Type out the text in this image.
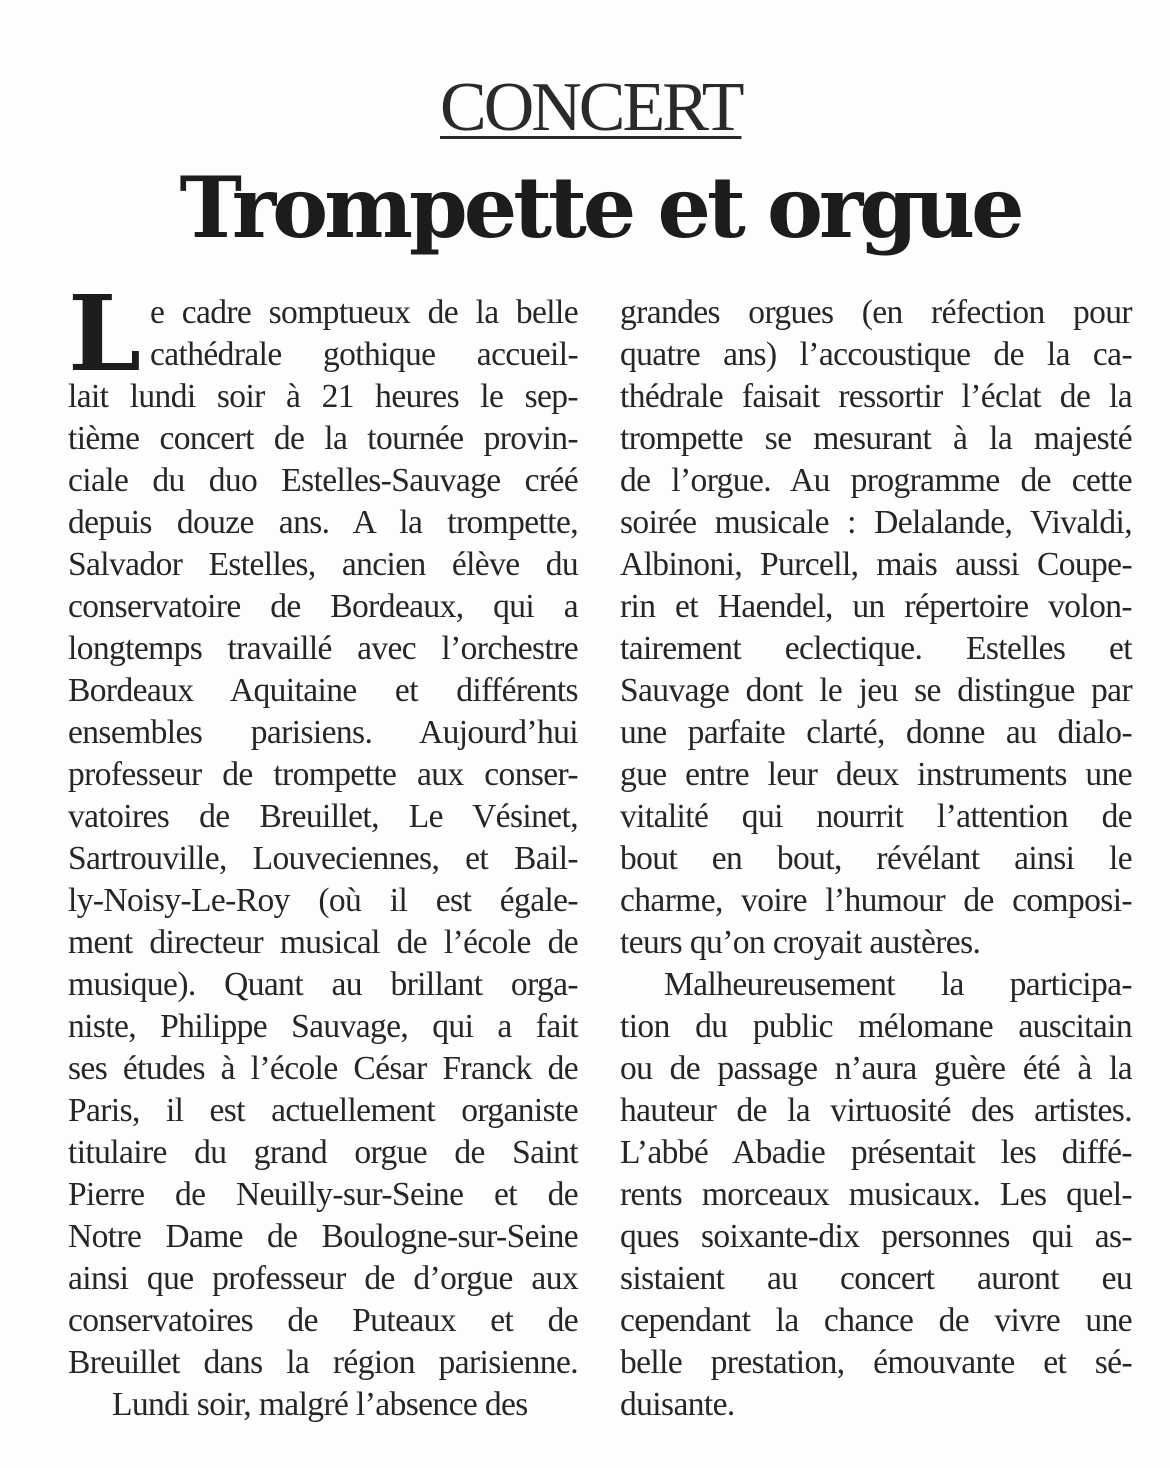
CONCERT
Trompette et orgue
L e cadre somptueux de la belle
cathédrale gothique accueil-
lait lundi soir à 21 heures le sep-
tième concert de la tournée provin-
ciale du duo Estelles-Sauvage créé
depuis douze ans. A la trompette,
Salvador Estelles, ancien élève du
conservatoire de Bordeaux, qui a
longtemps travaillé avec l’orchestre
Bordeaux Aquitaine et différents
ensembles parisiens. Aujourd’hui
professeur de trompette aux conser-
vatoires de Breuillet, Le Vésinet,
Sartrouville, Louveciennes, et Bail-
ly-Noisy-Le-Roy (où il est égale-
ment directeur musical de l’école de
musique). Quant au brillant orga-
niste, Philippe Sauvage, qui a fait
ses études à l’école César Franck de
Paris, il est actuellement organiste
titulaire du grand orgue de Saint
Pierre de Neuilly-sur-Seine et de
Notre Dame de Boulogne-sur-Seine
ainsi que professeur de d’orgue aux
conservatoires de Puteaux et de
Breuillet dans la région parisienne.
Lundi soir, malgré l’absence des
grandes orgues (en réfection pour
quatre ans) l’accoustique de la ca-
thédrale faisait ressortir l’éclat de la
trompette se mesurant à la majesté
de l’orgue. Au programme de cette
soirée musicale : Delalande, Vivaldi,
Albinoni, Purcell, mais aussi Coupe-
rin et Haendel, un répertoire volon-
tairement eclectique. Estelles et
Sauvage dont le jeu se distingue par
une parfaite clarté, donne au dialo-
gue entre leur deux instruments une
vitalité qui nourrit l’attention de
bout en bout, révélant ainsi le
charme, voire l’humour de composi-
teurs qu’on croyait austères.
Malheureusement la participa-
tion du public mélomane auscitain
ou de passage n’aura guère été à la
hauteur de la virtuosité des artistes.
L’abbé Abadie présentait les diffé-
rents morceaux musicaux. Les quel-
ques soixante-dix personnes qui as-
sistaient au concert auront eu
cependant la chance de vivre une
belle prestation, émouvante et sé-
duisante.
